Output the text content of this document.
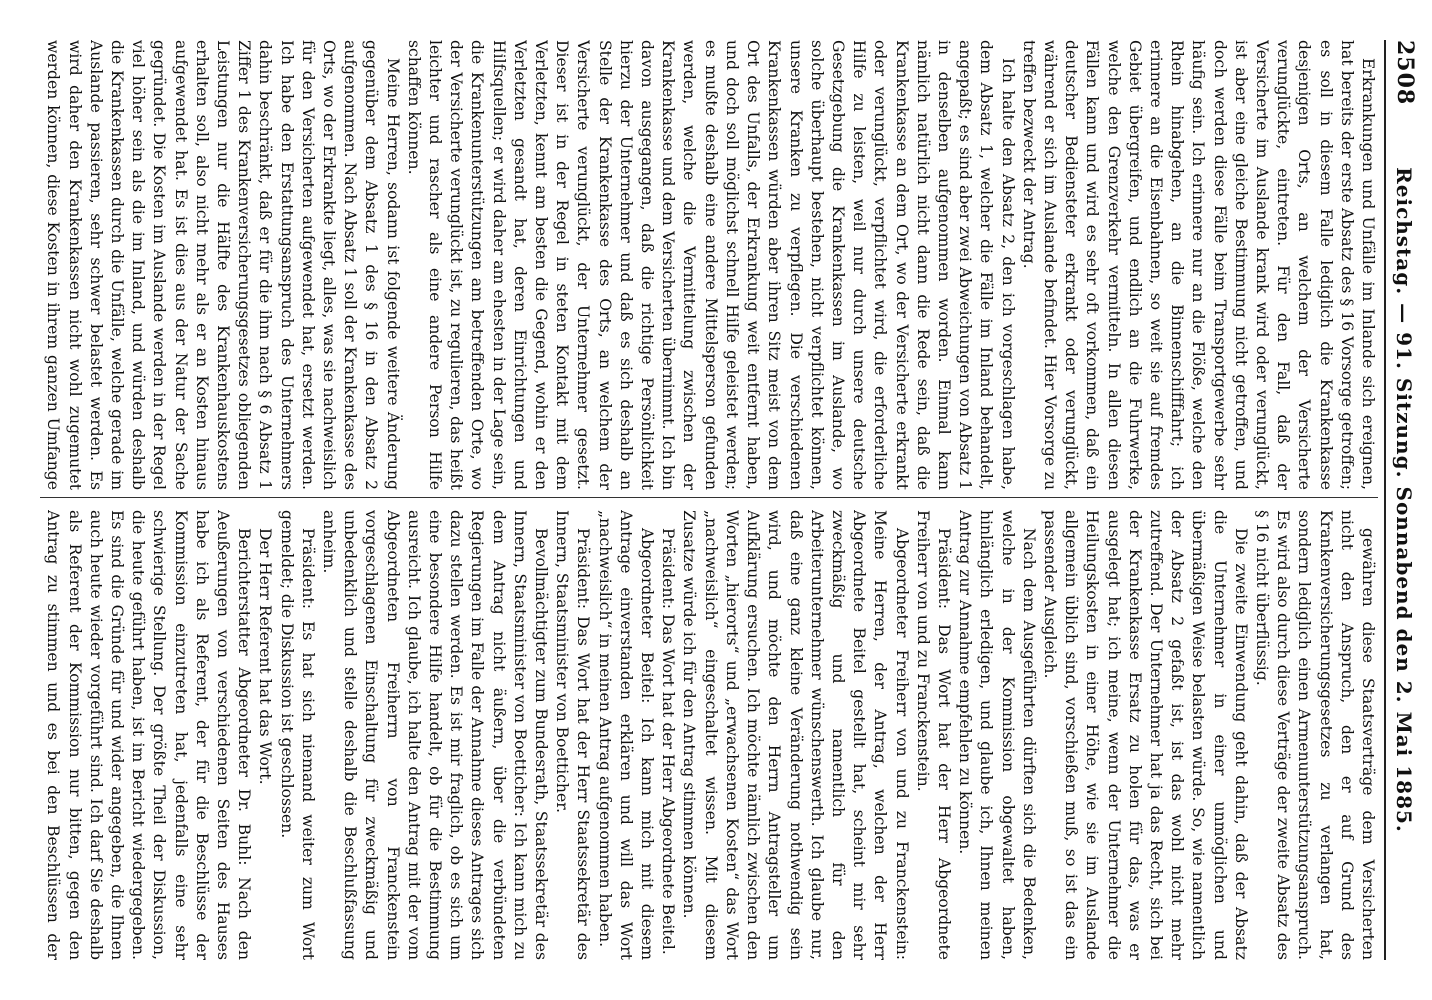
2508
Reichstag. — 91. Sitzung. Sonnabend den 2. Mai 1885.

Erkrankungen und Unfälle im Inlande sich ereignen, hat bereits der erste Absatz des § 16 Vorsorge getroffen; es soll in diesem Falle lediglich die Krankenkasse desjenigen Orts, an welchem der Versicherte verunglückte, eintreten. Für den Fall, daß der Versicherte im Auslande krank wird oder verunglückt, ist aber eine gleiche Bestimmung nicht getroffen, und doch werden diese Fälle beim Transportgewerbe sehr häufig sein. Ich erinnere nur an die Flöße, welche den Rhein hinabgehen, an die Binnenschifffahrt; ich erinnere an die Eisenbahnen, so weit sie auf fremdes Gebiet übergreifen, und endlich an die Fuhrwerke, welche den Grenzverkehr vermitteln. In allen diesen Fällen kann und wird es sehr oft vorkommen, daß ein deutscher Bediensteter erkrankt oder verunglückt, während er sich im Auslande befindet. Hier Vorsorge zu treffen bezweckt der Antrag.

Ich halte den Absatz 2, den ich vorgeschlagen habe, dem Absatz 1, welcher die Fälle im Inland behandelt, angepaßt; es sind aber zwei Abweichungen von Absatz 1 in denselben aufgenommen worden. Einmal kann nämlich natürlich nicht dann die Rede sein, daß die Krankenkasse an dem Ort, wo der Versicherte erkrankt oder verunglückt, verpflichtet wird, die erforderliche Hilfe zu leisten, weil nur durch unsere deutsche Gesetzgebung die Krankenkassen im Auslande, wo solche überhaupt bestehen, nicht verpflichtet können, unsere Kranken zu verpflegen. Die verschiedenen Krankenkassen würden aber ihren Sitz meist von dem Ort des Unfalls, der Erkrankung weit entfernt haben, und doch soll möglichst schnell Hilfe geleistet werden; es mußte deshalb eine andere Mittelsperson gefunden werden, welche die Vermittelung zwischen der Krankenkasse und dem Versicherten übernimmt. Ich bin davon ausgegangen, daß die richtige Persönlichkeit hierzu der Unternehmer und daß es sich deshalb an Stelle der Krankenkasse des Orts, an welchem der Versicherte verunglückt, der Unternehmer gesetzt. Dieser ist in der Regel in steten Kontakt mit dem Verletzten, kennt am besten die Gegend, wohin er den Verletzten gesandt hat, deren Einrichtungen und Hilfsquellen; er wird daher am ehesten in der Lage sein, die Krankenunterstützungen am betreffenden Orte, wo der Versicherte verunglückt ist, zu regulieren, das heißt leichter und rascher als eine andere Person Hilfe schaffen können.

Meine Herren, sodann ist folgende weitere Änderung gegenüber dem Absatz 1 des § 16 in den Absatz 2 aufgenommen. Nach Absatz 1 soll der Krankenkasse des Orts, wo der Erkrankte liegt, alles, was sie nachweislich für den Versicherten aufgewendet hat, ersetzt werden. Ich habe den Erstattungsanspruch des Unternehmers dahin beschränkt, daß er für die ihm nach § 6 Absatz 1 Ziffer 1 des Krankenversicherungsgesetzes obliegenden Leistungen nur die Hälfte des Krankenhauskostens erhalten soll, also nicht mehr als er an Kosten hinaus aufgewendet hat. Es ist dies aus der Natur der Sache gegründet. Die Kosten im Auslande werden in der Regel viel höher sein als die im Inland, und würden deshalb die Krankenkassen durch die Unfälle, welche gerade im Auslande passieren, sehr schwer belastet werden. Es wird daher den Krankenkassen nicht wohl zugemutet werden können, diese Kosten in ihrem ganzen Umfange

gewähren diese Staatsverträge dem Versicherten nicht den Anspruch, den er auf Grund des Krankenversicherungsgesetzes zu verlangen hat, sondern lediglich einen Armenunterstützungsanspruch. Es wird also durch diese Verträge der zweite Absatz des § 16 nicht überflüssig.

Die zweite Einwendung geht dahin, daß der Absatz die Unternehmer in einer unmöglichen und übermäßigen Weise belasten würde. So, wie namentlich der Absatz 2 gefaßt ist, ist das wohl nicht mehr zutreffend. Der Unternehmer hat ja das Recht, sich bei der Krankenkasse Ersatz zu holen für das, was er ausgelegt hat; ich meine, wenn der Unternehmer die Heilungskosten in einer Höhe, wie sie im Auslande allgemein üblich sind, vorschießen muß, so ist das ein passender Ausgleich.

Nach dem Ausgeführten dürften sich die Bedenken, welche in der Kommission obgewaltet haben, hinlänglich erledigen, und glaube ich, Ihnen meinen Antrag zur Annahme empfehlen zu können.

Präsident: Das Wort hat der Herr Abgeordnete Freiherr von und zu Franckenstein.

Abgeordneter Freiherr von und zu Franckenstein: Meine Herren, der Antrag, welchen der Herr Abgeordnete Beitel gestellt hat, scheint mir sehr zweckmäßig und namentlich für den Arbeiterunternehmer wünschenswerth. Ich glaube nur, daß eine ganz kleine Veränderung nothwendig sein wird, und möchte den Herrn Antragsteller um Aufklärung ersuchen. Ich möchte nämlich zwischen den Worten „hierorts“ und „erwachsenen Kosten“ das Wort „nachweislich“ eingeschaltet wissen. Mit diesem Zusatze würde ich für den Antrag stimmen können.

Präsident: Das Wort hat der Herr Abgeordnete Beitel.

Abgeordneter Beitel: Ich kann mich mit diesem Antrage einverstanden erklären und will das Wort „nachweislich“ in meinen Antrag aufgenommen haben.

Präsident: Das Wort hat der Herr Staatssekretär des Innern, Staatsminister von Boetticher.

Bevollmächtigter zum Bundesrath, Staatssekretär des Innern, Staatsminister von Boetticher: Ich kann mich zu dem Antrag nicht äußern, über die verbündeten Regierungen im Falle der Annahme dieses Antrages sich dazu stellen werden. Es ist mir fraglich, ob es sich um eine besondere Hilfe handelt, ob für die Bestimmung ausreicht. Ich glaube, ich halte den Antrag mit der vom Abgeordneten Freiherrn von Franckenstein vorgeschlagenen Einschaltung für zweckmäßig und unbedenklich und stelle deshalb die Beschlußfassung anheim.

Präsident: Es hat sich niemand weiter zum Wort gemeldet; die Diskussion ist geschlossen.

Der Herr Referent hat das Wort.

Berichterstatter Abgeordneter Dr. Buhl: Nach den Aeußerungen von verschiedenen Seiten des Hauses habe ich als Referent, der für die Beschlüsse der Kommission einzutreten hat, jedenfalls eine sehr schwierige Stellung. Der größte Theil der Diskussion, die heute geführt haben, ist im Bericht wiedergegeben. Es sind die Gründe für und wider angegeben, die Ihnen auch heute wieder vorgeführt sind. Ich darf Sie deshalb als Referent der Kommission nur bitten, gegen den Antrag zu stimmen und es bei den Beschlüssen der
